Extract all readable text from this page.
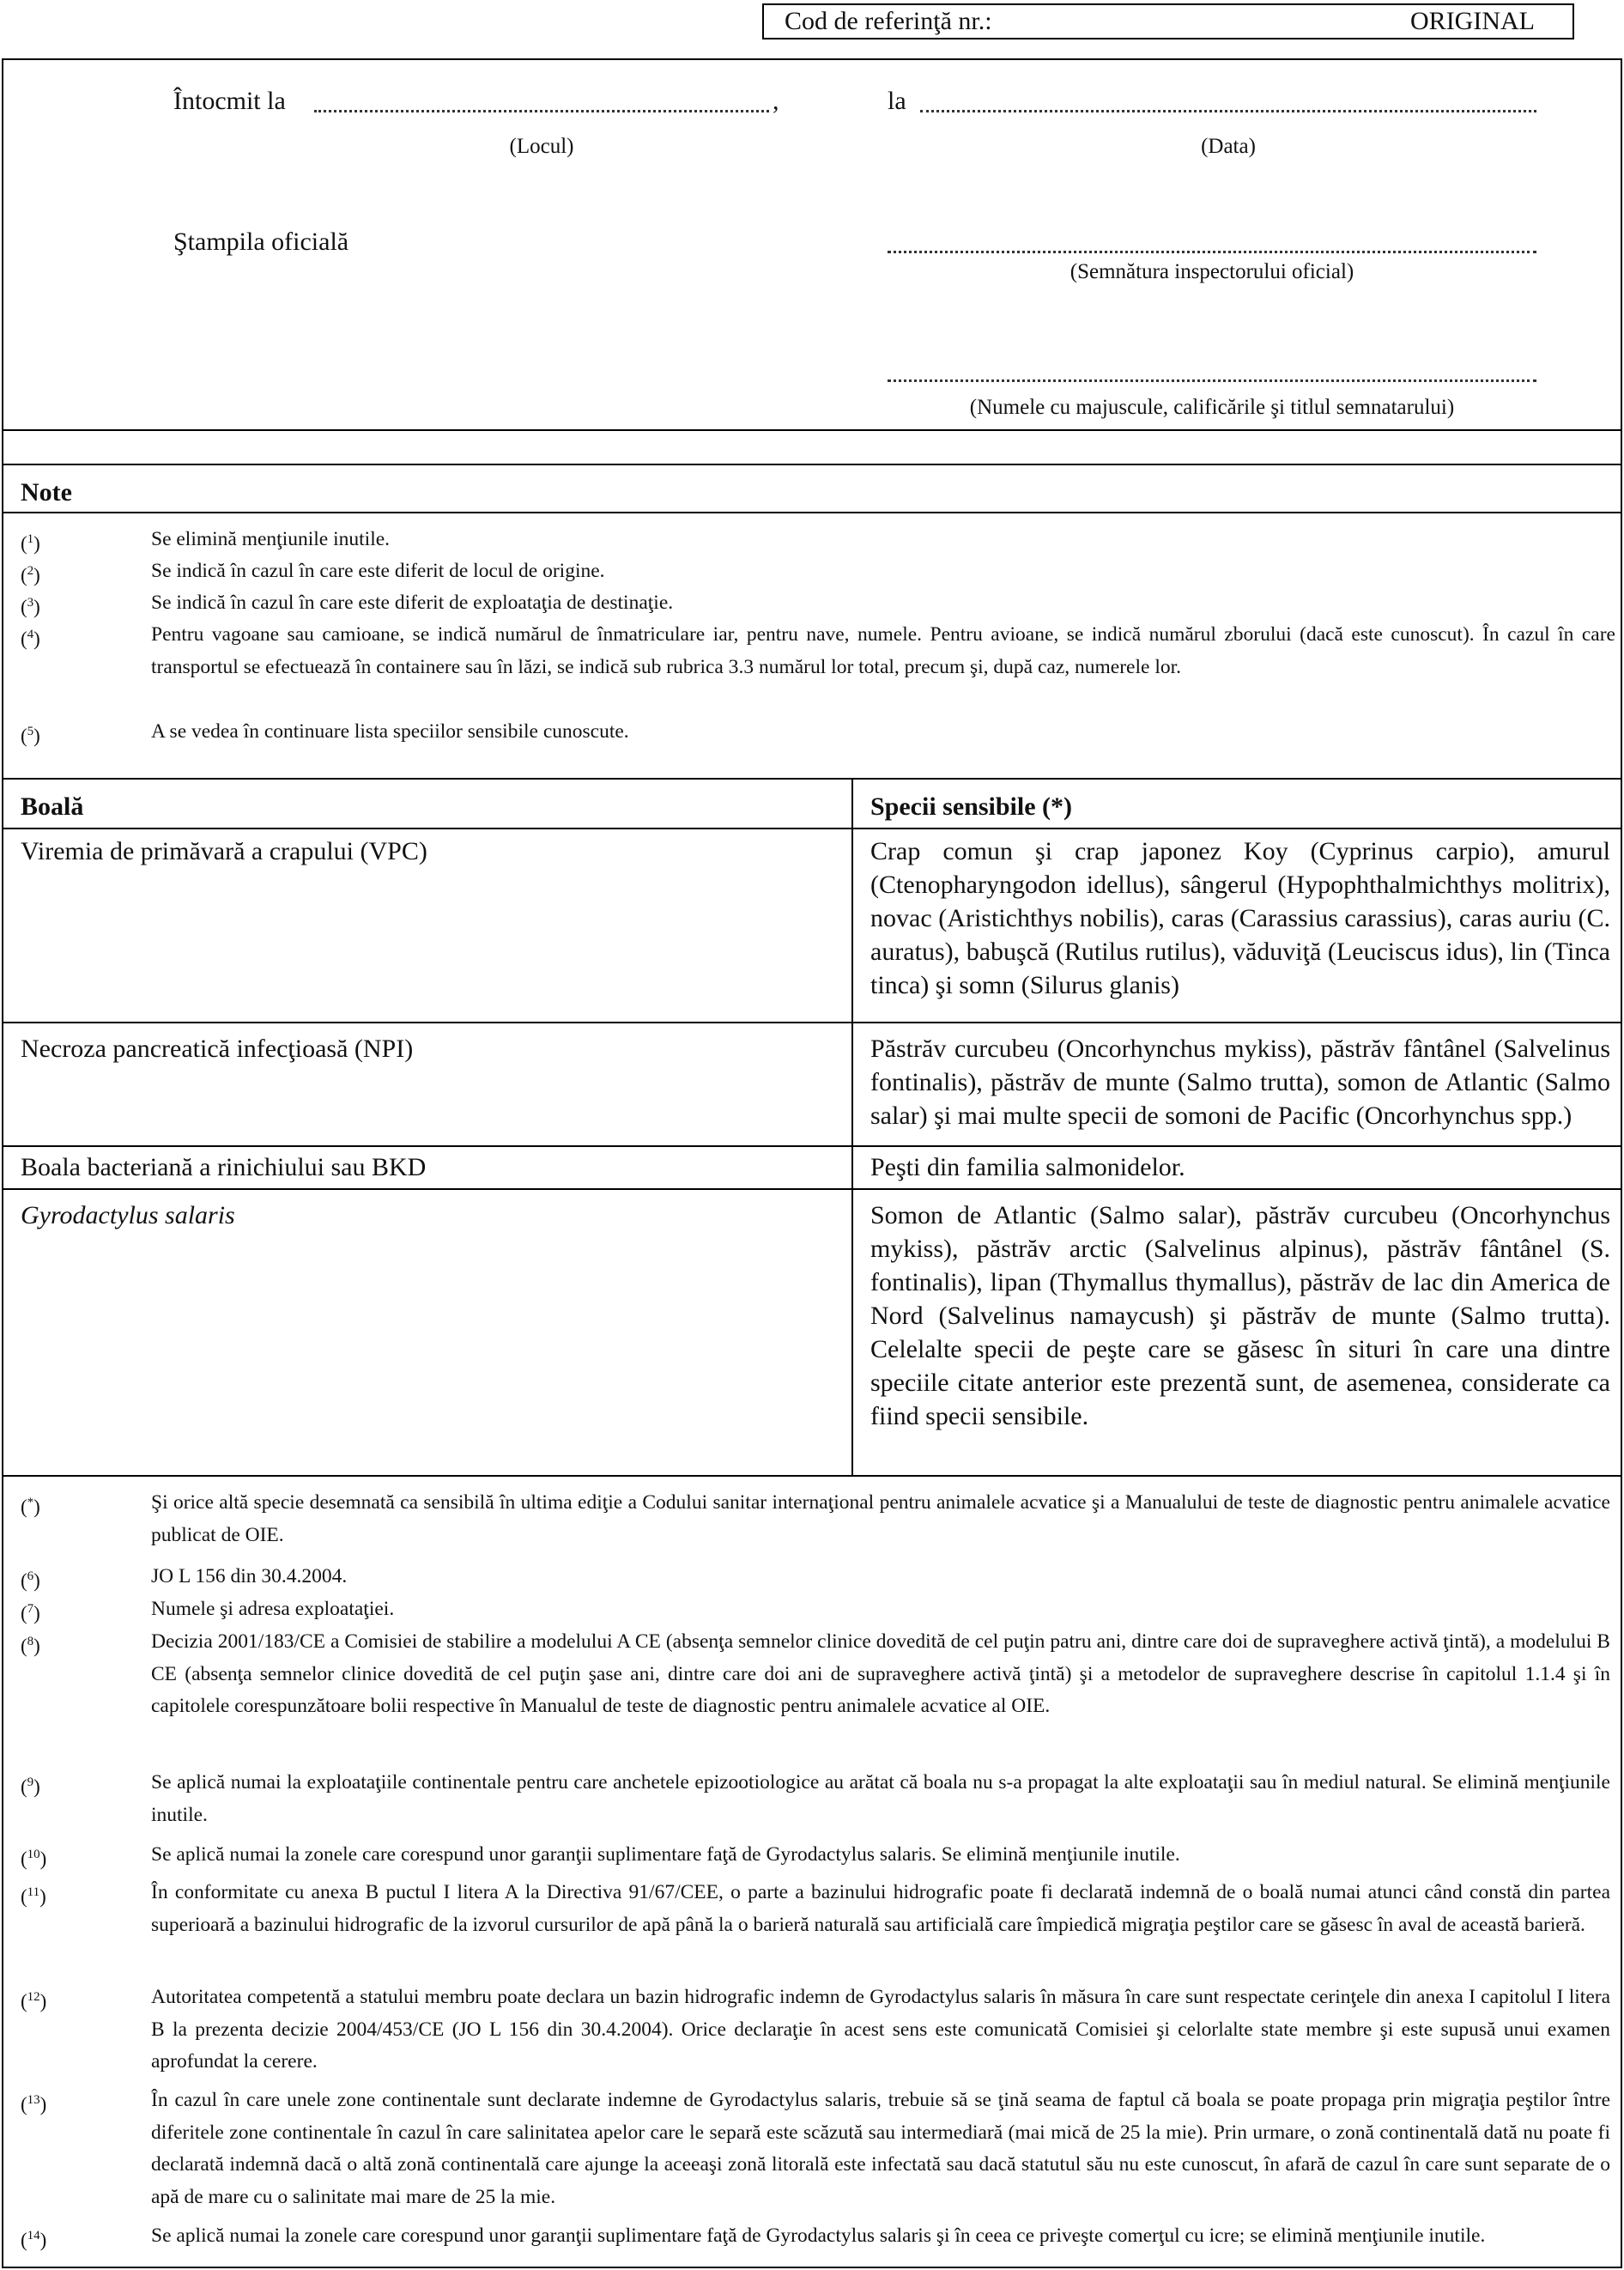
Cod de referinţă nr.:	ORIGINAL
Întocmit la	,
(Locul)
la
(Data)
Ştampila oficială
(Semnătura inspectorului oficial)
(Numele cu majuscule, calificările şi titlul semnatarului)
Note
($^1$)	Se elimină menţiunile inutile.
($^2$)	Se indică în cazul în care este diferit de locul de origine.
($^3$)	Se indică în cazul în care este diferit de exploataţia de destinaţie.
($^4$)	Pentru vagoane sau camioane, se indică numărul de înmatriculare iar, pentru nave, numele. Pentru avioane, se indică numărul zborului (dacă este cunoscut). În cazul în care transportul se efectuează în containere sau în lăzi, se indică sub rubrica 3.3 numărul lor total, precum şi, după caz, numerele lor.
($^5$)	A se vedea în continuare lista speciilor sensibile cunoscute.
Boală	Specii sensibile (*)
Viremia de primăvară a crapului (VPC)	Crap comun şi crap japonez Koy (Cyprinus carpio), amurul (Ctenopharyngodon idellus), sângerul (Hypophthalmichthys molitrix), novac (Aristichthys nobilis), caras (Carassius carassius), caras auriu (C. auratus), babuşcă (Rutilus rutilus), văduviţă (Leuciscus idus), lin (Tinca tinca) şi somn (Silurus glanis)
Necroza pancreatică infecţioasă (NPI)	Păstrăv curcubeu (Oncorhynchus mykiss), păstrăv fântânel (Salvelinus fontinalis), păstrăv de munte (Salmo trutta), somon de Atlantic (Salmo salar) şi mai multe specii de somoni de Pacific (Oncorhynchus spp.)
Boala bacteriană a rinichiului sau BKD	Peşti din familia salmonidelor.
Gyrodactylus salaris	Somon de Atlantic (Salmo salar), păstrăv curcubeu (Oncorhynchus mykiss), păstrăv arctic (Salvelinus alpinus), păstrăv fântânel (S. fontinalis), lipan (Thymallus thymallus), păstrăv de lac din America de Nord (Salvelinus namaycush) şi păstrăv de munte (Salmo trutta). Celelalte specii de peşte care se găsesc în situri în care una dintre speciile citate anterior este prezentă sunt, de asemenea, considerate ca fiind specii sensibile.
(*)	Şi orice altă specie desemnată ca sensibilă în ultima ediţie a Codului sanitar internaţional pentru animalele acvatice şi a Manualului de teste de diagnostic pentru animalele acvatice publicat de OIE.
($^6$)	JO L 156 din 30.4.2004.
($^7$)	Numele şi adresa exploataţiei.
($^8$)	Decizia 2001/183/CE a Comisiei de stabilire a modelului A CE (absenţa semnelor clinice dovedită de cel puţin patru ani, dintre care doi de supraveghere activă ţintă), a modelului B CE (absenţa semnelor clinice dovedită de cel puţin şase ani, dintre care doi ani de supraveghere activă ţintă) şi a metodelor de supraveghere descrise în capitolul 1.1.4 şi în capitolele corespunzătoare bolii respective în Manualul de teste de diagnostic pentru animalele acvatice al OIE.
($^9$)	Se aplică numai la exploataţiile continentale pentru care anchetele epizootiologice au arătat că boala nu s-a propagat la alte exploataţii sau în mediul natural. Se elimină menţiunile inutile.
($^{10}$)	Se aplică numai la zonele care corespund unor garanţii suplimentare faţă de Gyrodactylus salaris. Se elimină menţiunile inutile.
($^{11}$)	În conformitate cu anexa B puctul I litera A la Directiva 91/67/CEE, o parte a bazinului hidrografic poate fi declarată indemnă de o boală numai atunci când constă din partea superioară a bazinului hidrografic de la izvorul cursurilor de apă până la o barieră naturală sau artificială care împiedică migraţia peştilor care se găsesc în aval de această barieră.
($^{12}$)	Autoritatea competentă a statului membru poate declara un bazin hidrografic indemn de Gyrodactylus salaris în măsura în care sunt respectate cerinţele din anexa I capitolul I litera B la prezenta decizie 2004/453/CE (JO L 156 din 30.4.2004). Orice declaraţie în acest sens este comunicată Comisiei şi celorlalte state membre şi este supusă unui examen aprofundat la cerere.
($^{13}$)	În cazul în care unele zone continentale sunt declarate indemne de Gyrodactylus salaris, trebuie să se ţină seama de faptul că boala se poate propaga prin migraţia peştilor între diferitele zone continentale în cazul în care salinitatea apelor care le separă este scăzută sau intermediară (mai mică de 25 la mie). Prin urmare, o zonă continentală dată nu poate fi declarată indemnă dacă o altă zonă continentală care ajunge la aceeaşi zonă litorală este infectată sau dacă statutul său nu este cunoscut, în afară de cazul în care sunt separate de o apă de mare cu o salinitate mai mare de 25 la mie.
($^{14}$)	Se aplică numai la zonele care corespund unor garanţii suplimentare faţă de Gyrodactylus salaris şi în ceea ce priveşte comerţul cu icre; se elimină menţiunile inutile.
